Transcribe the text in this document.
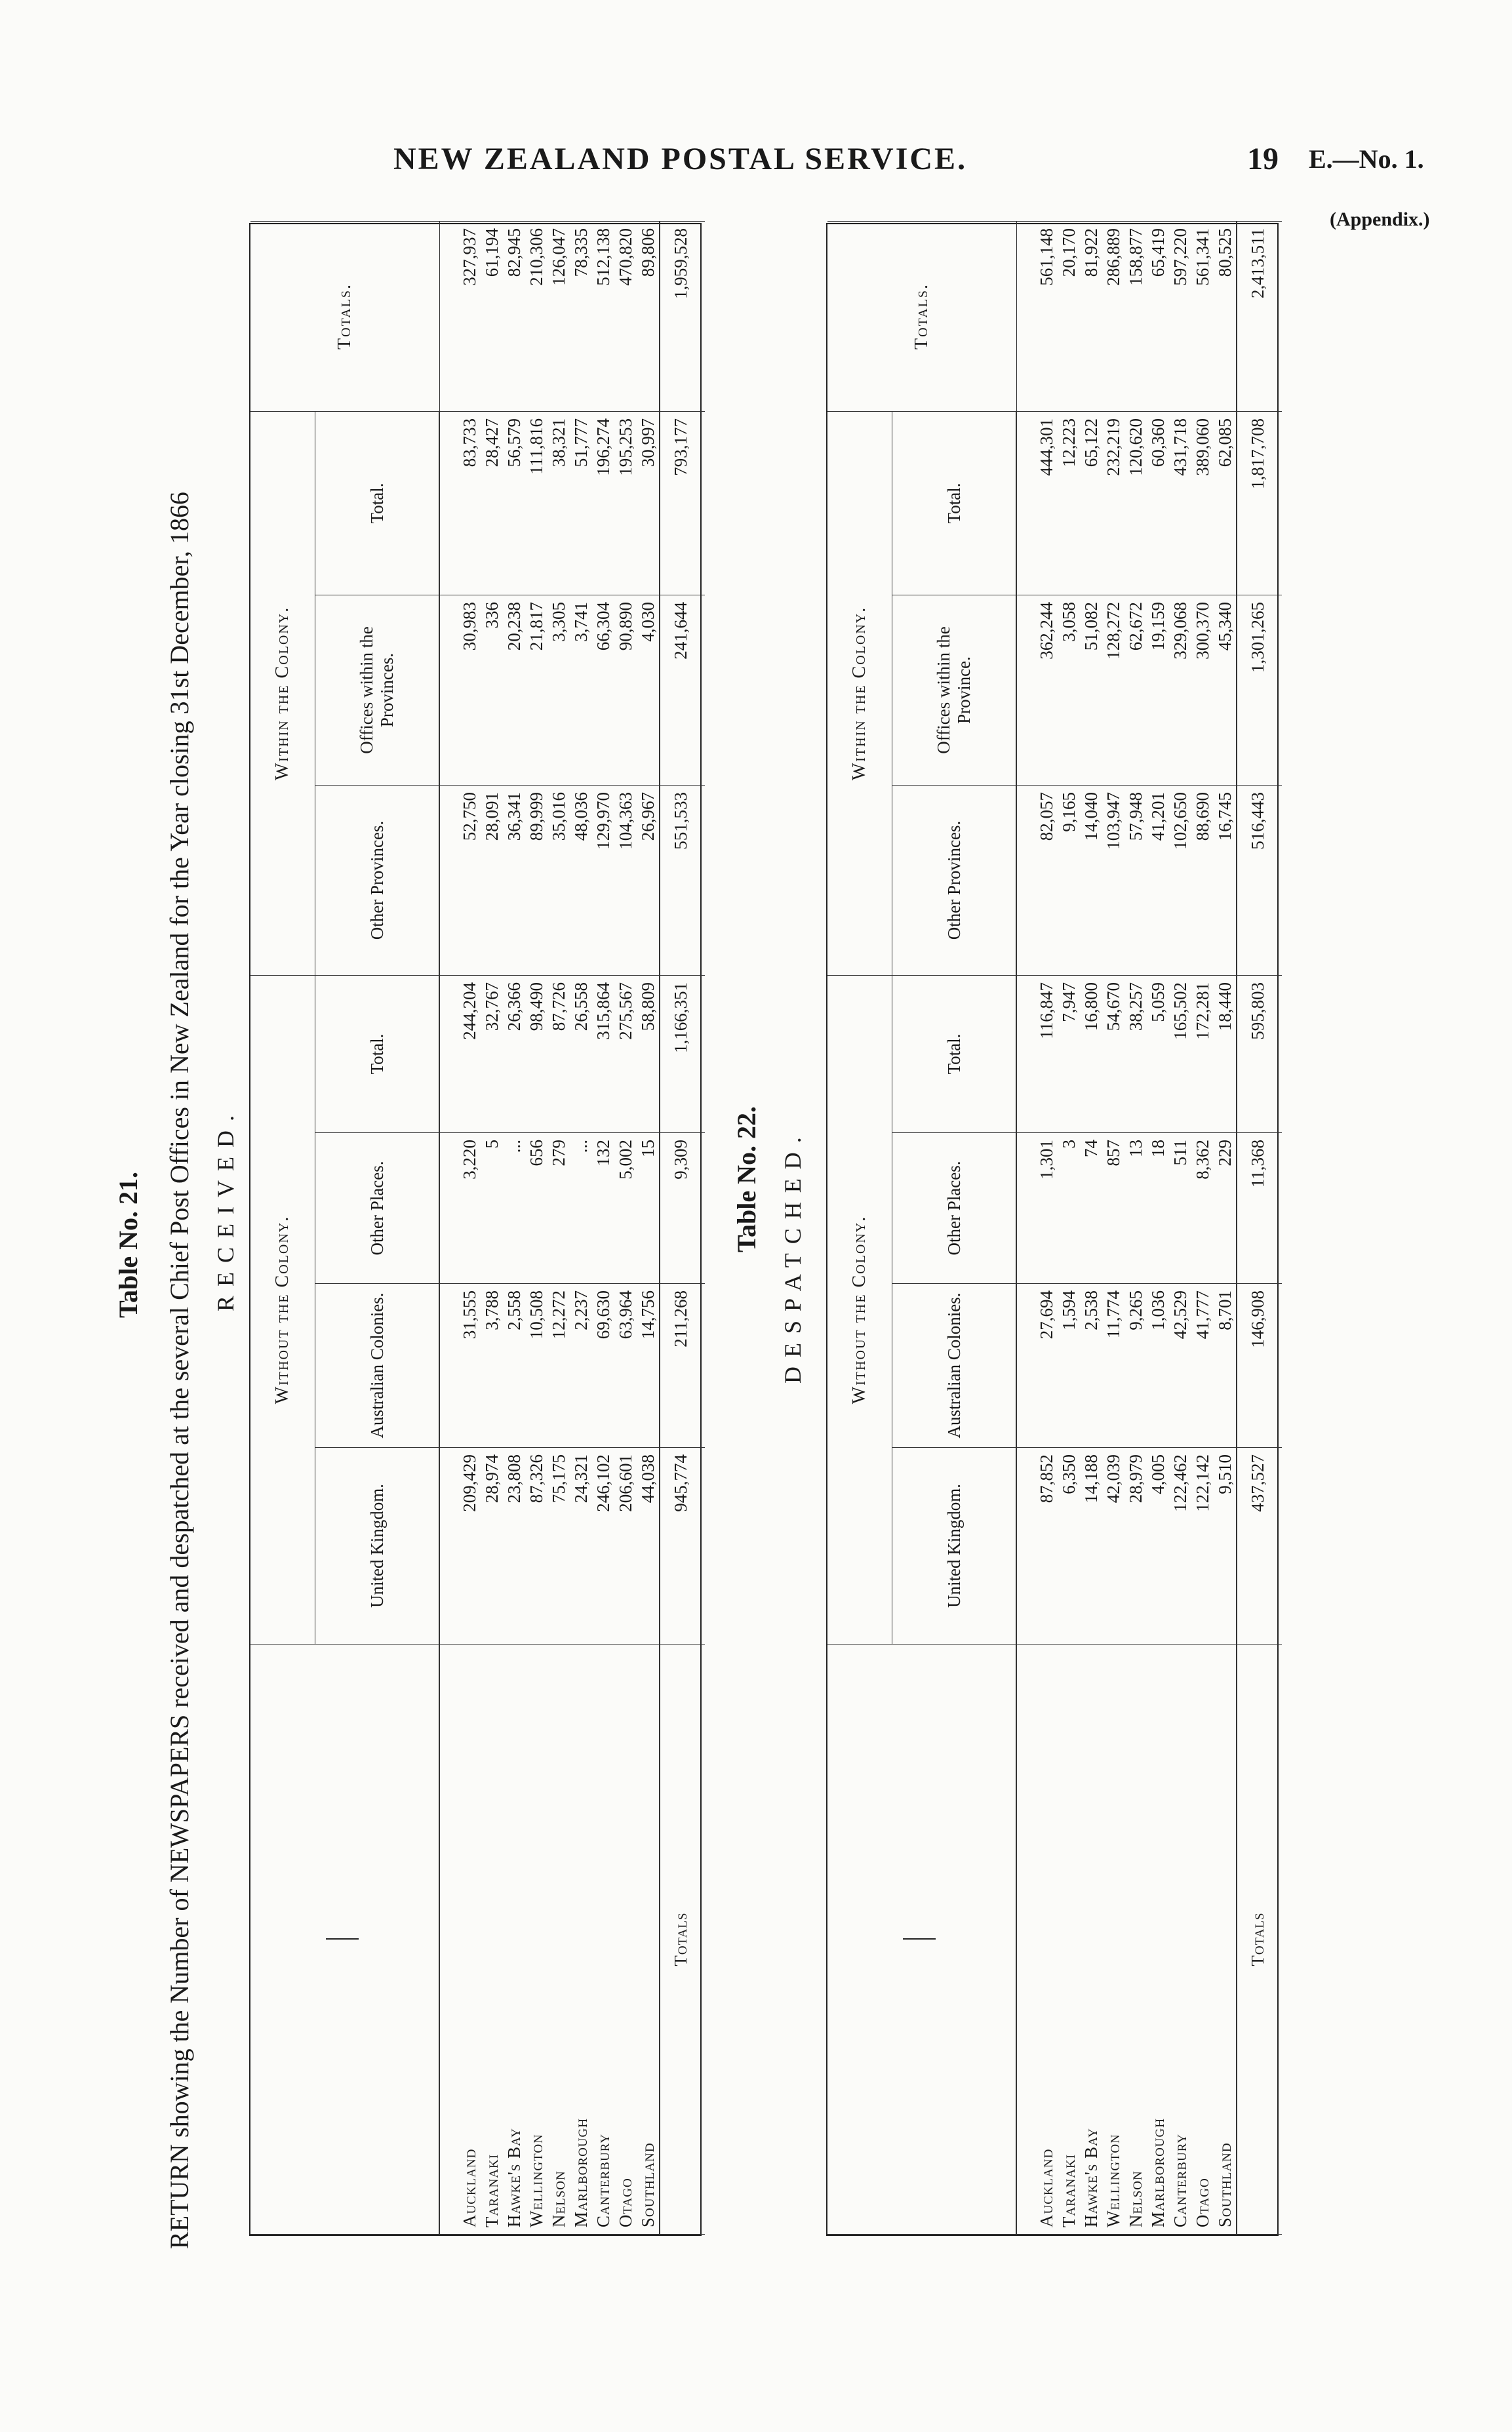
NEW ZEALAND POSTAL SERVICE.	19 E.—No. 1.
(Appendix.)
RETURN showing the Number of NEWSPAPERS received and despatched at the several Chief Post Offices in New Zealand for the Year closing 31st December, 1866
Table No. 21.	RECEIVED.	Table No. 22. DESPATCHED.
	Without the Colony.				Within the Colony.			Totals.
	United Kingdom.	Australian Colonies.	Other Places.	Total.	Other Provinces.	Offices within the Provinces.	Total.	

Auckland	209,429	31,555	3,220	244,204	52,750	30,983	83,733	327,937
Taranaki	28,974	3,788	5	32,767	28,091	336	28,427	61,194
Hawke's Bay	23,808	2,558	...	26,366	36,341	20,238	56,579	82,945
Wellington	87,326	10,508	656	98,490	89,999	21,817	111,816	210,306
Nelson	75,175	12,272	279	87,726	35,016	3,305	38,321	126,047
Marlborough	24,321	2,237	...	26,558	48,036	3,741	51,777	78,335
Canterbury	246,102	69,630	132	315,864	129,970	66,304	196,274	512,138
Otago	206,601	63,964	5,002	275,567	104,363	90,890	195,253	470,820
Southland	44,038	14,756	15	58,809	26,967	4,030	30,997	89,806
Totals	945,774	211,268	9,309	1,166,351	551,533	241,644	793,177	1,959,528
	Without the Colony.				Within the Colony.			Totals.
	United Kingdom.	Australian Colonies.	Other Places.	Total.	Other Provinces.	Offices within the Province.	Total.	

Auckland	87,852	27,694	1,301	116,847	82,057	362,244	444,301	561,148
Taranaki	6,350	1,594	3	7,947	9,165	3,058	12,223	20,170
Hawke's Bay	14,188	2,538	74	16,800	14,040	51,082	65,122	81,922
Wellington	42,039	11,774	857	54,670	103,947	128,272	232,219	286,889
Nelson	28,979	9,265	13	38,257	57,948	62,672	120,620	158,877
Marlborough	4,005	1,036	18	5,059	41,201	19,159	60,360	65,419
Canterbury	122,462	42,529	511	165,502	102,650	329,068	431,718	597,220
Otago	122,142	41,777	8,362	172,281	88,690	300,370	389,060	561,341
Southland	9,510	8,701	229	18,440	16,745	45,340	62,085	80,525
Totals	437,527	146,908	11,368	595,803	516,443	1,301,265	1,817,708	2,413,511
